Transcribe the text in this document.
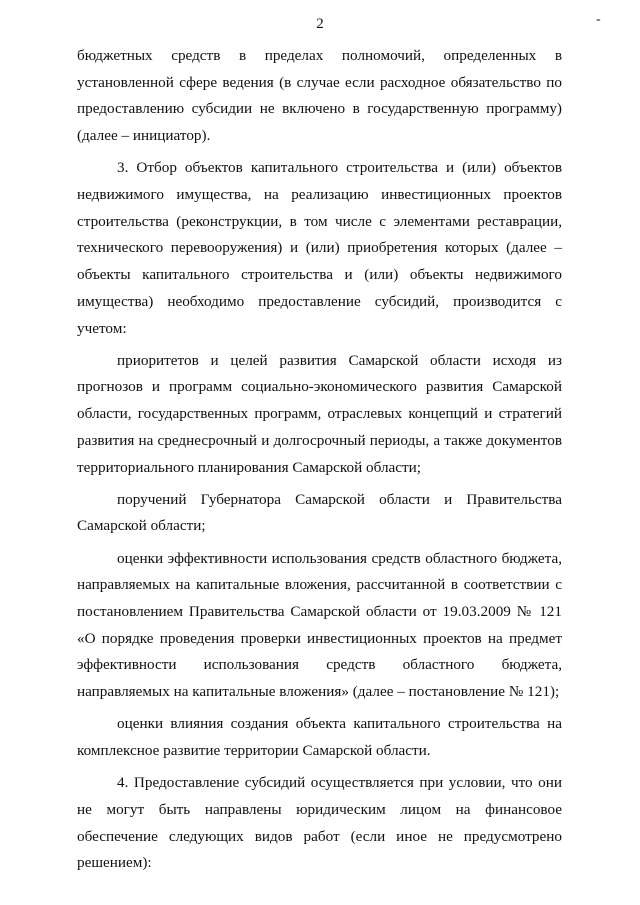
2	-

бюджетных средств в пределах полномочий, определенных в установленной сфере ведения (в случае если расходное обязательство по предоставлению субсидии не включено в государственную программу) (далее – инициатор).

3. Отбор объектов капитального строительства и (или) объектов недвижимого имущества, на реализацию инвестиционных проектов строительства (реконструкции, в том числе с элементами реставрации, технического перевооружения) и (или) приобретения которых (далее – объекты капитального строительства и (или) объекты недвижимого имущества) необходимо предоставление субсидий, производится с учетом:

приоритетов и целей развития Самарской области исходя из прогнозов и программ социально-экономического развития Самарской области, государственных программ, отраслевых концепций и стратегий развития на среднесрочный и долгосрочный периоды, а также документов территориального планирования Самарской области;

поручений Губернатора Самарской области и Правительства Самарской области;

оценки эффективности использования средств областного бюджета, направляемых на капитальные вложения, рассчитанной в соответствии с постановлением Правительства Самарской области от 19.03.2009 № 121 «О порядке проведения проверки инвестиционных проектов на предмет эффективности использования средств областного бюджета, направляемых на капитальные вложения» (далее – постановление № 121);

оценки влияния создания объекта капитального строительства на комплексное развитие территории Самарской области.

4. Предоставление субсидий осуществляется при условии, что они не могут быть направлены юридическим лицом на финансовое обеспечение следующих видов работ (если иное не предусмотрено решением):
